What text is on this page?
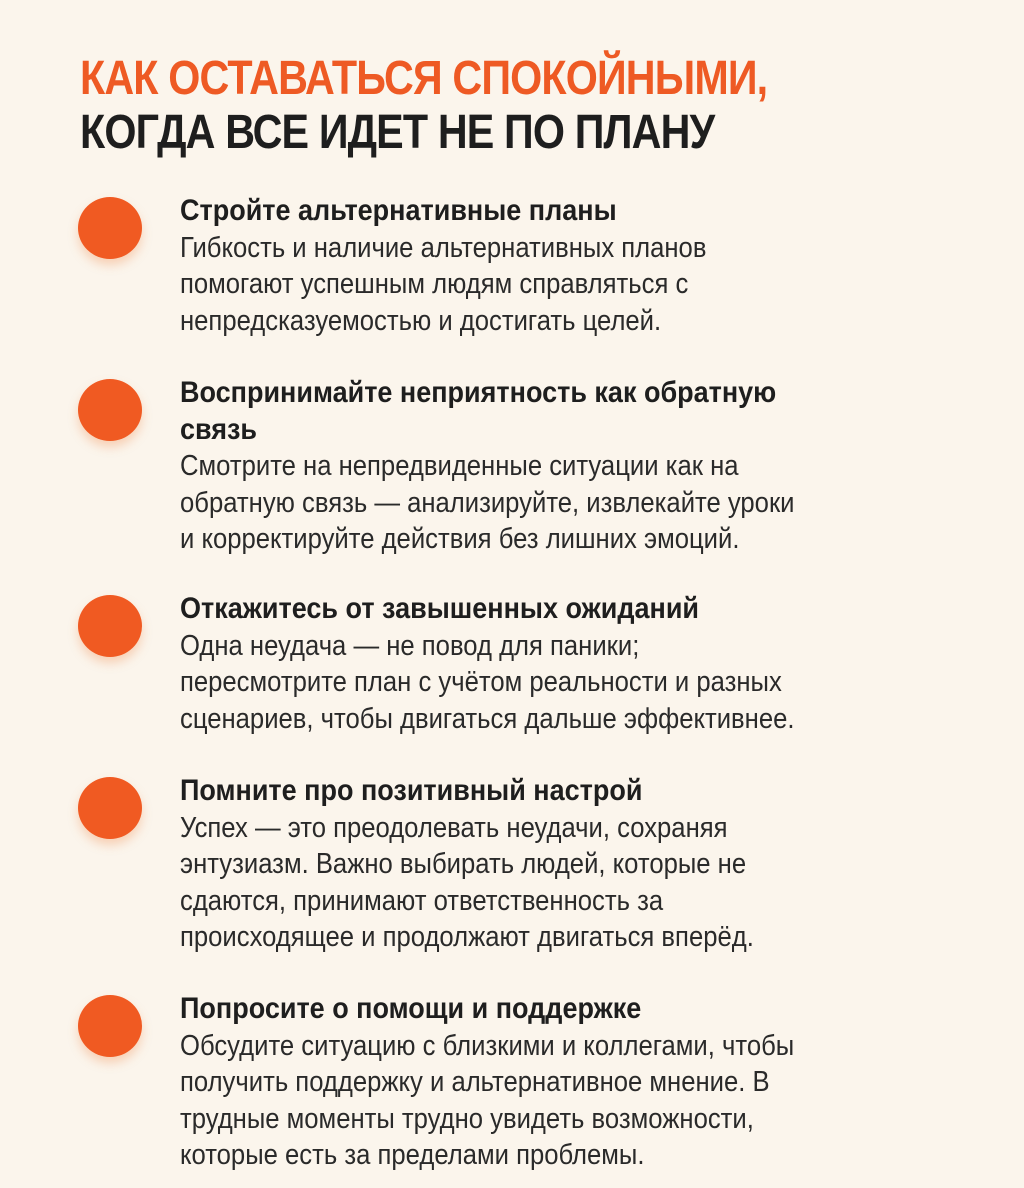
КАК ОСТАВАТЬСЯ СПОКОЙНЫМИ,
КОГДА ВСЕ ИДЕТ НЕ ПО ПЛАНУ
Стройте альтернативные планы
Гибкость и наличие альтернативных планов
помогают успешным людям справляться с
непредсказуемостью и достигать целей.
Воспринимайте неприятность как обратную
связь
Смотрите на непредвиденные ситуации как на
обратную связь — анализируйте, извлекайте уроки
и корректируйте действия без лишних эмоций.
Откажитесь от завышенных ожиданий
Одна неудача — не повод для паники;
пересмотрите план с учётом реальности и разных
сценариев, чтобы двигаться дальше эффективнее.
Помните про позитивный настрой
Успех — это преодолевать неудачи, сохраняя
энтузиазм. Важно выбирать людей, которые не
сдаются, принимают ответственность за
происходящее и продолжают двигаться вперёд.
Попросите о помощи и поддержке
Обсудите ситуацию с близкими и коллегами, чтобы
получить поддержку и альтернативное мнение. В
трудные моменты трудно увидеть возможности,
которые есть за пределами проблемы.
